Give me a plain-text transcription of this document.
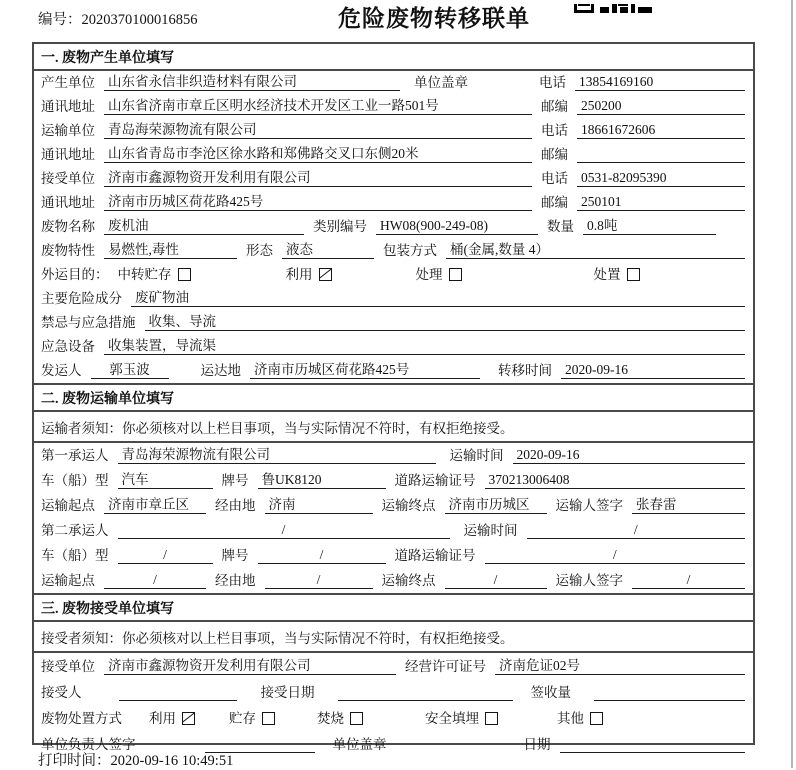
编号：2020370100016856	危险废物转移联单
一. 废物产生单位填写
产生单位 山东省永信非织造材料有限公司	单位盖章	电话 13854169160
通讯地址 山东省济南市章丘区明水经济技术开发区工业一路501号	邮编 250200
运输单位 青岛海荣源物流有限公司	电话 18661672606
通讯地址 山东省青岛市李沧区徐水路和郑佛路交叉口东侧20米	邮编
接受单位 济南市鑫源物资开发利用有限公司	电话 0531-82095390
通讯地址 济南市历城区荷花路425号	邮编 250101
废物名称 废机油	类别编号 HW08(900-249-08)	数量 0.8吨
废物特性 易燃性,毒性	形态 液态	包装方式 桶(金属,数量 4）
外运目的： 中转贮存	利用	处理	处置
主要危险成分 废矿物油
禁忌与应急措施 收集、导流
应急设备 收集装置，导流渠
发运人	郭玉波	运达地 济南市历城区荷花路425号	转移时间 2020-09-16
二. 废物运输单位填写
运输者须知：你必须核对以上栏目事项，当与实际情况不符时，有权拒绝接受。
第一承运人 青岛海荣源物流有限公司	运输时间 2020-09-16
车（船）型 汽车	牌号 鲁UK8120	道路运输证号 370213006408
运输起点 济南市章丘区	经由地 济南	运输终点 济南市历城区	运输人签字 张春雷
第二承运人	/	运输时间	/
车（船）型	/	牌号	/	道路运输证号	/
运输起点	/	经由地	/	运输终点	/	运输人签字	/
三. 废物接受单位填写
接受者须知：你必须核对以上栏目事项，当与实际情况不符时，有权拒绝接受。
接受单位 济南市鑫源物资开发利用有限公司	经营许可证号 济南危证02号
接受人	接受日期	签收量
废物处置方式 利用	贮存	焚烧	安全填埋	其他
单位负责人签字	单位盖章	日期
打印时间：2020-09-16 10:49:51
